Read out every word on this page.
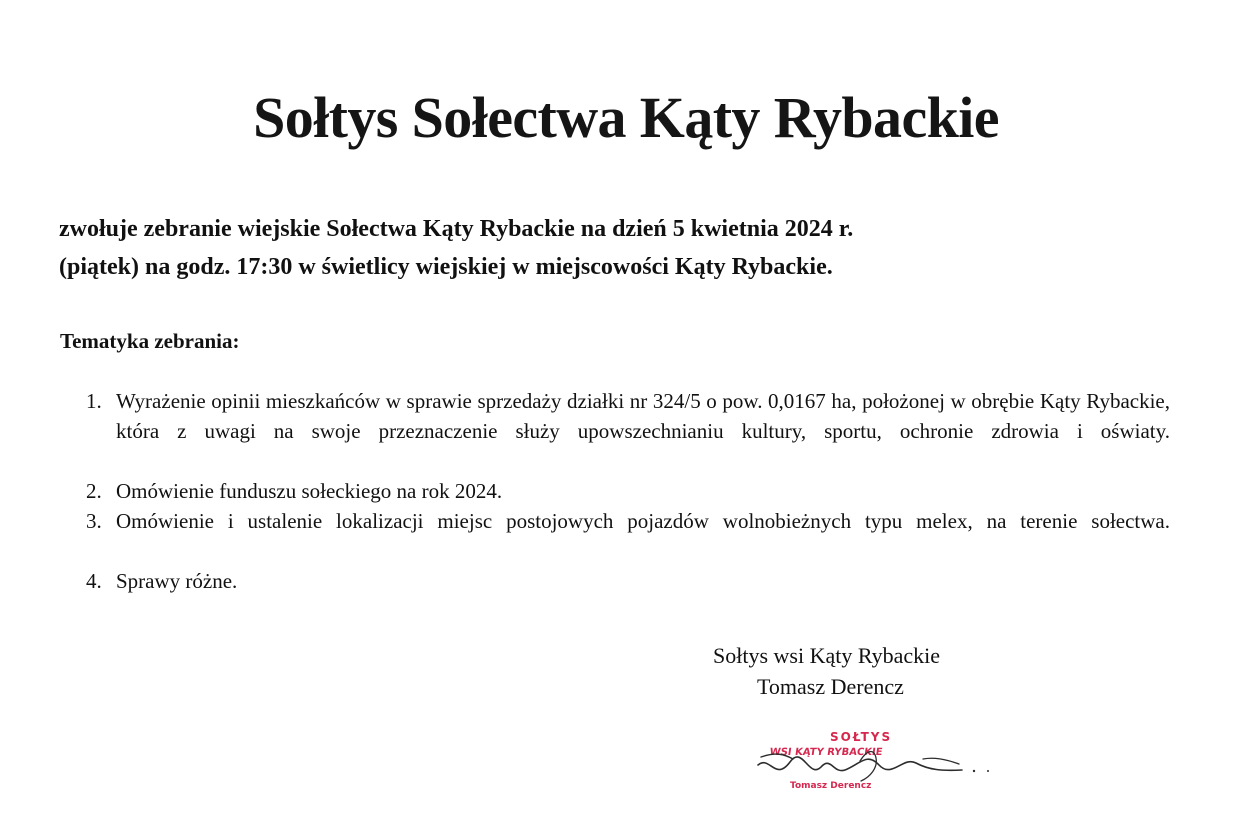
Sołtys Sołectwa Kąty Rybackie
zwołuje zebranie wiejskie Sołectwa Kąty Rybackie na dzień 5 kwietnia 2024 r.
(piątek) na godz. 17:30 w świetlicy wiejskiej w miejscowości Kąty Rybackie.
Tematyka zebrania:
1. Wyrażenie opinii mieszkańców w sprawie sprzedaży działki nr 324/5 o pow. 0,0167 ha, położonej w obrębie Kąty Rybackie, która z uwagi na swoje przeznaczenie służy upowszechnianiu kultury, sportu, ochronie zdrowia i oświaty.
2. Omówienie funduszu sołeckiego na rok 2024.
3. Omówienie i ustalenie lokalizacji miejsc postojowych pojazdów wolnobieżnych typu melex, na terenie sołectwa.
4. Sprawy różne.
Sołtys wsi Kąty Rybackie
Tomasz Derencz
SOŁTYS
WSI KĄTY RYBACKIE
Tomasz Derencz
